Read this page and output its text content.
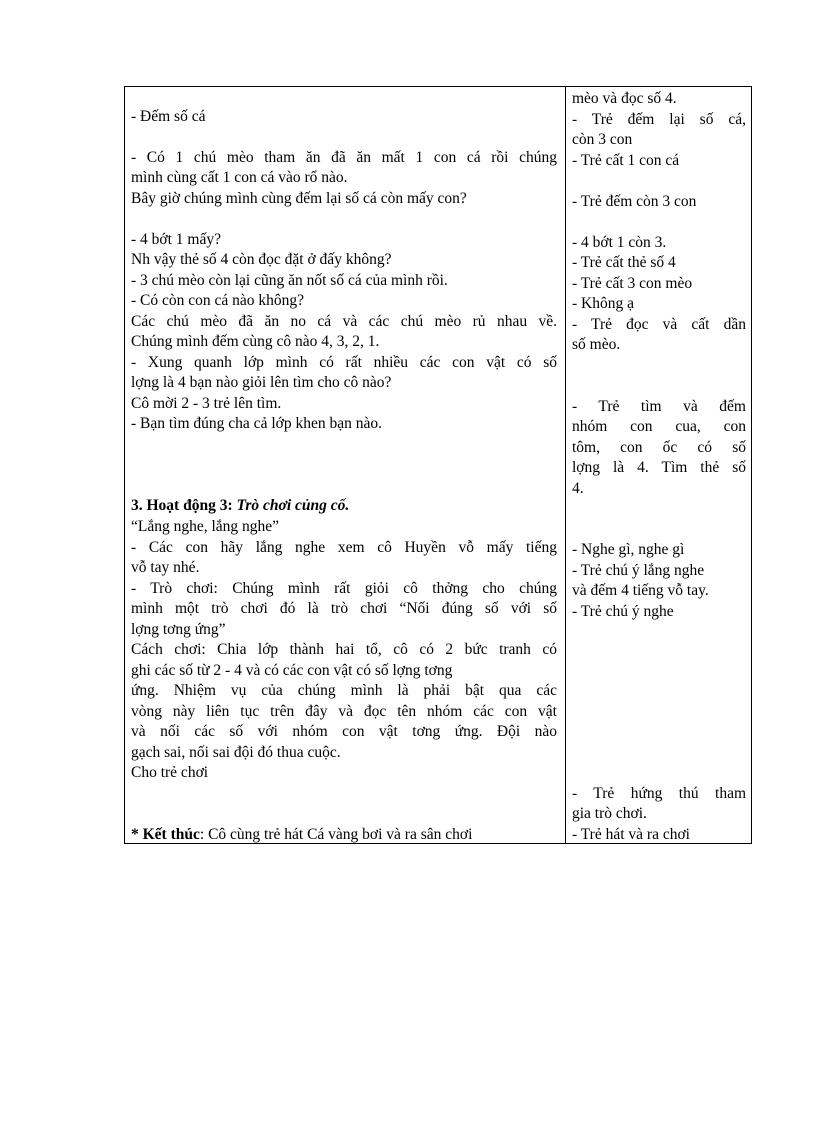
3. Hoạt động 3: Trò chơi củng cố.
* Kết thúc: Cô cùng trẻ hát Cá vàng bơi và ra sân chơi
- Đếm số cá
- Có 1 chú mèo tham ăn đã ăn mất 1 con cá rồi chúng
mình cùng cất 1 con cá vào rổ nào.
Bây giờ chúng mình cùng đếm lại số cá còn mấy con?
- 4 bớt 1 mấy?
Nh vậy thẻ số 4 còn đọc đặt ở đấy không?
- 3 chú mèo còn lại cũng ăn nốt số cá của mình rồi.
- Có còn con cá nào không?
Các chú mèo đã ăn no cá và các chú mèo rủ nhau về.
Chúng mình đếm cùng cô nào 4, 3, 2, 1.
- Xung quanh lớp mình có rất nhiều các con vật có số
lợng là 4 bạn nào giỏi lên tìm cho cô nào?
Cô mời 2 - 3 trẻ lên tìm.
- Bạn tìm đúng cha cả lớp khen bạn nào.
“Lắng nghe, lắng nghe”
- Các con hãy lắng nghe xem cô Huyền vỗ mấy tiếng
vỗ tay nhé.
- Trò chơi: Chúng mình rất giỏi cô thởng cho chúng
mình một trò chơi đó là trò chơi “Nối đúng số với số
lợng tơng ứng”
Cách chơi: Chia lớp thành hai tổ, cô có 2 bức tranh có
ghi các số từ 2 - 4 và có các con vật có số lợng tơng
ứng. Nhiệm vụ của chúng mình là phải bật qua các
vòng này liên tục trên đây và đọc tên nhóm các con vật
và nối các số với nhóm con vật tơng ứng. Đội nào
gạch sai, nối sai đội đó thua cuộc.
Cho trẻ chơi
mèo và đọc số 4.
- Trẻ đếm lại số cá,
còn 3 con
- Trẻ cất 1 con cá
- Trẻ đếm còn 3 con
- 4 bớt 1 còn 3.
- Trẻ cất thẻ số 4
- Trẻ cất 3 con mèo
- Không ạ
- Trẻ đọc và cất dần
số mèo.
- Trẻ tìm và đếm
nhóm con cua, con
tôm, con ốc có số
lợng là 4. Tìm thẻ số
4.
- Nghe gì, nghe gì
- Trẻ chú ý lắng nghe
và đếm 4 tiếng vỗ tay.
- Trẻ chú ý nghe
- Trẻ hứng thú tham
gia trò chơi.
- Trẻ hát và ra chơi
